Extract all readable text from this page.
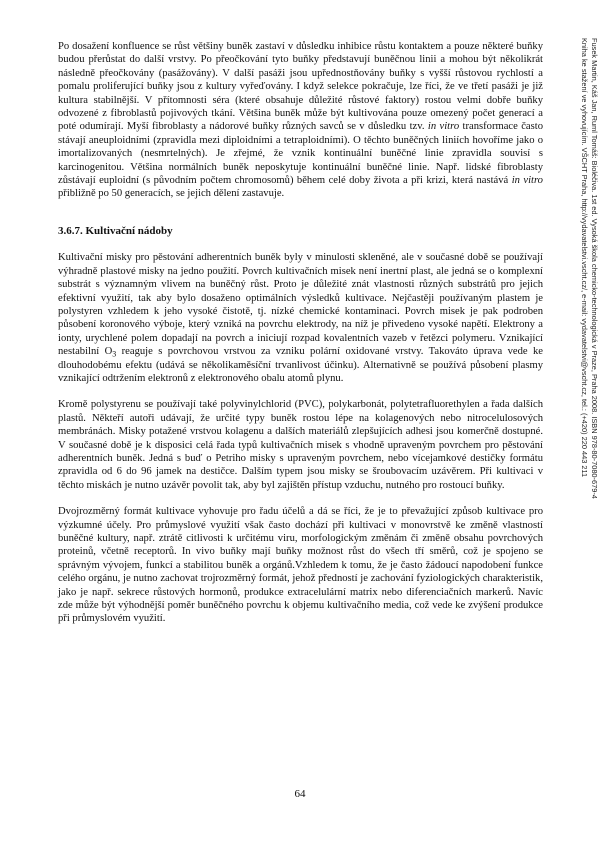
Po dosažení konfluence se růst většiny buněk zastaví v důsledku inhibice růstu kontaktem a pouze některé buňky budou přerůstat do další vrstvy. Po přeočkování tyto buňky představují buněčnou linii a mohou být několikrát následně přeočkovány (pasážovány). V další pasáži jsou upřednostňovány buňky s vyšší růstovou rychlostí a pomalu proliferující buňky jsou z kultury vyřeďovány. I když selekce pokračuje, lze říci, že ve třetí pasáži je již kultura stabilnější. V přítomnosti séra (které obsahuje důležité růstové faktory) rostou velmi dobře buňky odvozené z fibroblastů pojivových tkání. Většina buněk může být kultivována pouze omezený počet generací a poté odumírají. Myší fibroblasty a nádorové buňky různých savců se v důsledku tzv. in vitro transformace často stávají aneuploidními (zpravidla mezi diploidními a tetraploidními). O těchto buněčných liniích hovoříme jako o imortalizovaných (nesmrtelných). Je zřejmé, že vznik kontinuální buněčné linie zpravidla souvisí s karcinogenitou. Většina normálních buněk neposkytuje kontinuální buněčné linie. Např. lidské fibroblasty zůstávají euploidní (s původním počtem chromosomů) během celé doby života a při krizi, která nastává in vitro přibližně po 50 generacích, se jejich dělení zastavuje.

3.6.7. Kultivační nádoby

Kultivační misky pro pěstování adherentních buněk byly v minulosti skleněné, ale v současné době se používají výhradně plastové misky na jedno použití. Povrch kultivačních misek není inertní plast, ale jedná se o komplexní substrát s významným vlivem na buněčný růst. Proto je důležité znát vlastnosti různých substrátů pro jejich efektivní využití, tak aby bylo dosaženo optimálních výsledků kultivace. Nejčastěji používaným plastem je polystyren vzhledem k jeho vysoké čistotě, tj. nízké chemické kontaminaci. Povrch misek je pak podroben působení koronového výboje, který vzniká na povrchu elektrody, na níž je přivedeno vysoké napětí. Elektrony a ionty, urychlené polem dopadají na povrch a iniciují rozpad kovalentních vazeb v řetězci polymeru. Vznikající nestabilní $O_3$ reaguje s povrchovou vrstvou za vzniku polární oxidované vrstvy. Takováto úprava vede ke dlouhodobému efektu (udává se několikaměsíční trvanlivost účinku). Alternativně se používá působení plasmy vznikající odtržením elektronů z elektronového obalu atomů plynu.

Kromě polystyrenu se používají také polyvinylchlorid (PVC), polykarbonát, polytetrafluorethylen a řada dalších plastů. Někteří autoři udávají, že určité typy buněk rostou lépe na kolagenových nebo nitrocelulosových membránách. Misky potažené vrstvou kolagenu a dalších materiálů zlepšujících adhesi jsou komerčně dostupné. V současné době je k disposici celá řada typů kultivačních misek s vhodně upraveným povrchem pro pěstování adherentních buněk. Jedná s buď o Petriho misky s upraveným povrchem, nebo vícejamkové destičky formátu zpravidla od 6 do 96 jamek na destičce. Dalším typem jsou misky se šroubovacím uzávěrem. Při kultivaci v těchto miskách je nutno uzávěr povolit tak, aby byl zajištěn přístup vzduchu, nutného pro rostoucí buňky.

Dvojrozměrný formát kultivace vyhovuje pro řadu účelů a dá se říci, že je to převažující způsob kultivace pro výzkumné účely. Pro průmyslové využití však často dochází při kultivaci v monovrstvě ke změně vlastností buněčné kultury, např. ztrátě citlivosti k určitému viru, morfologickým změnám či změně obsahu povrchových proteinů, včetně receptorů. In vivo buňky mají buňky možnost růst do všech tří směrů, což je spojeno se správným vývojem, funkcí a stabilitou buněk a orgánů.Vzhledem k tomu, že je často žádoucí napodobení funkce celého orgánu, je nutno zachovat trojrozměrný formát, jehož předností je zachování fyziologických charakteristik, jako je např. sekrece růstových hormonů, produkce extracelulární matrix nebo diferenciačních markerů. Navíc zde může být výhodnější poměr buněčného povrchu k objemu kultivačního media, což vede ke zvýšení produkce při průmyslovém využití.

Fusek Martin, Káš Jan, Ruml Tomáš: Bioléčiva. 1st ed. Vysoká škola chemicko-technologická v Praze, Praha 2008. ISBN 978-80-7080-679-4
Kniha ke stažení ve vyhovujícím. VŠCHT Praha, http://vydavatelstvi.vscht.cz/, e-mail: vydavatelstvi@vscht.cz, tel.: (+420) 220 443 211
64
